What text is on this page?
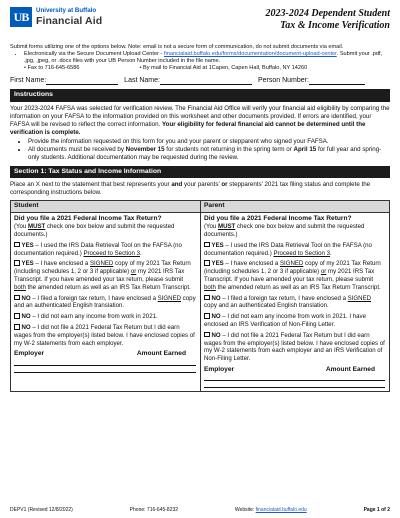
UB	University at Buffalo
Financial Aid
2023-2024 Dependent Student
Tax & Income Verification
Submit forms utilizing one of the options below. Note: email is not a secure form of communication, do not submit documents via email.
• Electronically via the Secure Document Upload Center - financialaid.buffalo.edu/forms/documentation/document-upload-center. Submit your .pdf, .jpg, .jpeg, or .docx files with your UB Person Number included in the file name.
• Fax to 716-645-6586	• By mail to Financial Aid at 1Capen, Capen Hall, Buffalo, NY 14260
First Name:	Last Name:	Person Number:
Instructions
Your 2023-2024 FAFSA was selected for verification review. The Financial Aid Office will verify your financial aid eligibility by comparing the information on your FAFSA to the information provided on this worksheet and other documents provided. If errors are identified, your FAFSA will be revised to reflect the correct information. Your eligibility for federal financial aid cannot be determined until the verification is complete.
• Provide the information requested on this form for you and your parent or stepparent who signed your FAFSA.
• All documents must be received by November 15 for students not returning in the spring term or April 15 for full year and spring-only students. Additional documentation may be requested during the review.
Section 1: Tax Status and Income Information
Place an X next to the statement that best represents your and your parents' or stepparents' 2021 tax filing status and complete the corresponding instructions below.
Student
Did you file a 2021 Federal Income Tax Return?
(You MUST check one box below and submit the requested documents.)
YES – I used the IRS Data Retrieval Tool on the FAFSA (no documentation required.) Proceed to Section 3.
YES – I have enclosed a SIGNED copy of my 2021 Tax Return (including schedules 1, 2 or 3 if applicable) or my 2021 IRS Tax Transcript. If you have amended your tax return, please submit both the amended return as well as an IRS Tax Return Transcript.
NO – I filed a foreign tax return, I have enclosed a SIGNED copy and an authenticated English translation.
NO – I did not earn any income from work in 2021.
NO – I did not file a 2021 Federal Tax Return but I did earn wages from the employer(s) listed below. I have enclosed copies of my W-2 statements from each employer.
Employer	Amount Earned
Parent
Did you file a 2021 Federal Income Tax Return?
(You MUST check one box below and submit the requested documents.)
YES – I used the IRS Data Retrieval Tool on the FAFSA (no documentation required.) Proceed to Section 3.
YES – I have enclosed a SIGNED copy of my 2021 Tax Return (including schedules 1, 2 or 3 if applicable) or my 2021 IRS Tax Transcript. If you have amended your tax return, please submit both the amended return as well as an IRS Tax Return Transcript.
NO – I filed a foreign tax return, I have enclosed a SIGNED copy and an authenticated English translation.
NO – I did not earn any income from work in 2021. I have enclosed an IRS Verification of Non-Filing Letter.
NO – I did not file a 2021 Federal Tax Return but I did earn wages from the employer(s) listed below. I have enclosed copies of my W-2 statements from each employer and an IRS Verification of Non-Filing Letter.
Employer	Amount Earned
DEPV1 (Revised 12/8/2022)	Phone: 716-645-8232	Website: financialaid.buffalo.edu	Page 1 of 2
